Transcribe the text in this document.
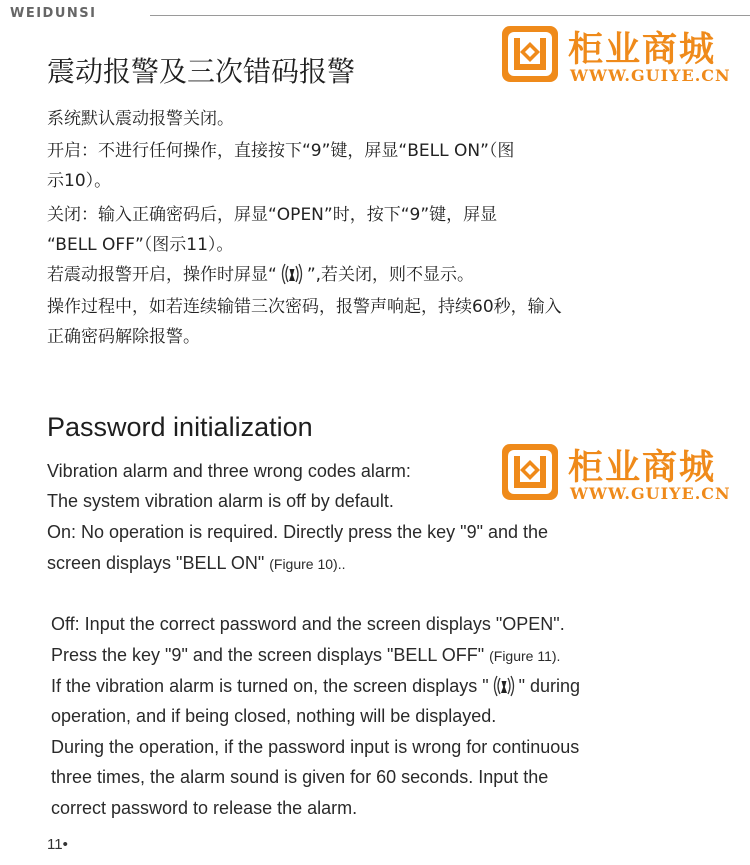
WEIDUNSI
柜业商城
WWW.GUIYE.CN
震动报警及三次错码报警
系统默认震动报警关闭。
开启：不进行任何操作，直接按下“9”键，屏显“BELL ON”（图
示10）。
关闭：输入正确密码后，屏显“OPEN”时，按下“9”键，屏显
“BELL OFF”（图示11）。
若震动报警开启，操作时屏显“ ”,若关闭，则不显示。
操作过程中，如若连续输错三次密码，报警声响起，持续60秒，输入
正确密码解除报警。
柜业商城
WWW.GUIYE.CN
Password initialization
Vibration alarm and three wrong codes alarm:
The system vibration alarm is off by default.
On: No operation is required. Directly press the key "9" and the
screen displays "BELL ON" (Figure 10)..
Off: Input the correct password and the screen displays "OPEN".
Press the key "9" and the screen displays "BELL OFF" (Figure 11).
If the vibration alarm is turned on, the screen displays " " during
operation, and if being closed, nothing will be displayed.
During the operation, if the password input is wrong for continuous
three times, the alarm sound is given for 60 seconds. Input the
correct password to release the alarm.
11•
